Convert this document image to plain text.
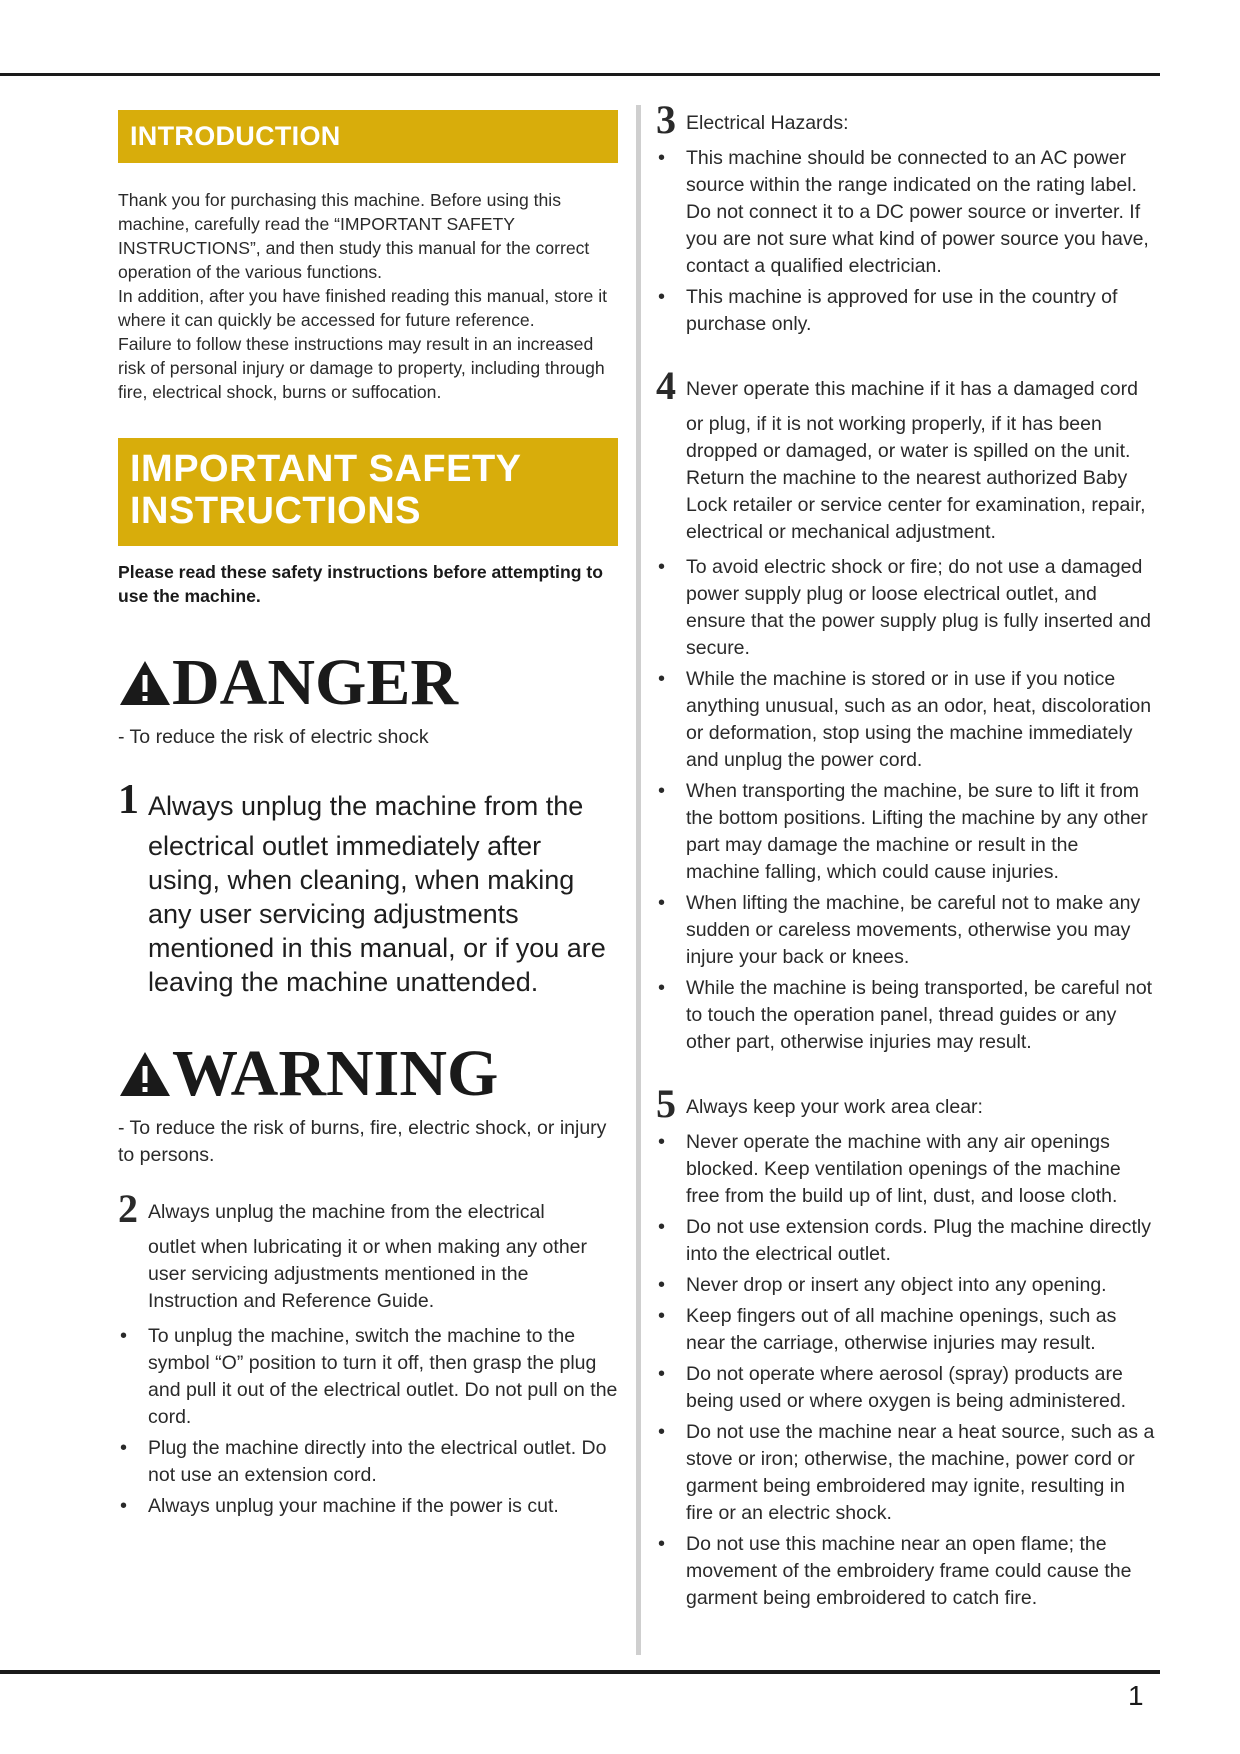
INTRODUCTION

Thank you for purchasing this machine. Before using this machine, carefully read the “IMPORTANT SAFETY INSTRUCTIONS”, and then study this manual for the correct operation of the various functions.

In addition, after you have finished reading this manual, store it where it can quickly be accessed for future reference.

Failure to follow these instructions may result in an increased risk of personal injury or damage to property, including through fire, electrical shock, burns or suffocation.

IMPORTANT SAFETY
INSTRUCTIONS
Please read these safety instructions before attempting to use the machine.
DANGER
- To reduce the risk of electric shock
1 Always unplug the machine from the
electrical outlet immediately after using, when cleaning, when making any user servicing adjustments mentioned in this manual, or if you are leaving the machine unattended.
WARNING
- To reduce the risk of burns, fire, electric shock, or injury to persons.
2 Always unplug the machine from the electrical
outlet when lubricating it or when making any other user servicing adjustments mentioned in the Instruction and Reference Guide.
• To unplug the machine, switch the machine to the symbol “O” position to turn it off, then grasp the plug and pull it out of the electrical outlet. Do not pull on the cord.
• Plug the machine directly into the electrical outlet. Do not use an extension cord.
• Always unplug your machine if the power is cut.
3 Electrical Hazards:
• This machine should be connected to an AC power source within the range indicated on the rating label. Do not connect it to a DC power source or inverter. If you are not sure what kind of power source you have, contact a qualified electrician.
• This machine is approved for use in the country of purchase only.
4 Never operate this machine if it has a damaged cord
or plug, if it is not working properly, if it has been dropped or damaged, or water is spilled on the unit. Return the machine to the nearest authorized Baby Lock retailer or service center for examination, repair, electrical or mechanical adjustment.
• To avoid electric shock or fire; do not use a damaged power supply plug or loose electrical outlet, and ensure that the power supply plug is fully inserted and secure.
• While the machine is stored or in use if you notice anything unusual, such as an odor, heat, discoloration or deformation, stop using the machine immediately and unplug the power cord.
• When transporting the machine, be sure to lift it from the bottom positions. Lifting the machine by any other part may damage the machine or result in the machine falling, which could cause injuries.
• When lifting the machine, be careful not to make any sudden or careless movements, otherwise you may injure your back or knees.
• While the machine is being transported, be careful not to touch the operation panel, thread guides or any other part, otherwise injuries may result.
5 Always keep your work area clear:
• Never operate the machine with any air openings blocked. Keep ventilation openings of the machine free from the build up of lint, dust, and loose cloth.
• Do not use extension cords. Plug the machine directly into the electrical outlet.
• Never drop or insert any object into any opening.
• Keep fingers out of all machine openings, such as near the carriage, otherwise injuries may result.
• Do not operate where aerosol (spray) products are being used or where oxygen is being administered.
• Do not use the machine near a heat source, such as a stove or iron; otherwise, the machine, power cord or garment being embroidered may ignite, resulting in fire or an electric shock.
• Do not use this machine near an open flame; the movement of the embroidery frame could cause the garment being embroidered to catch fire.
1
